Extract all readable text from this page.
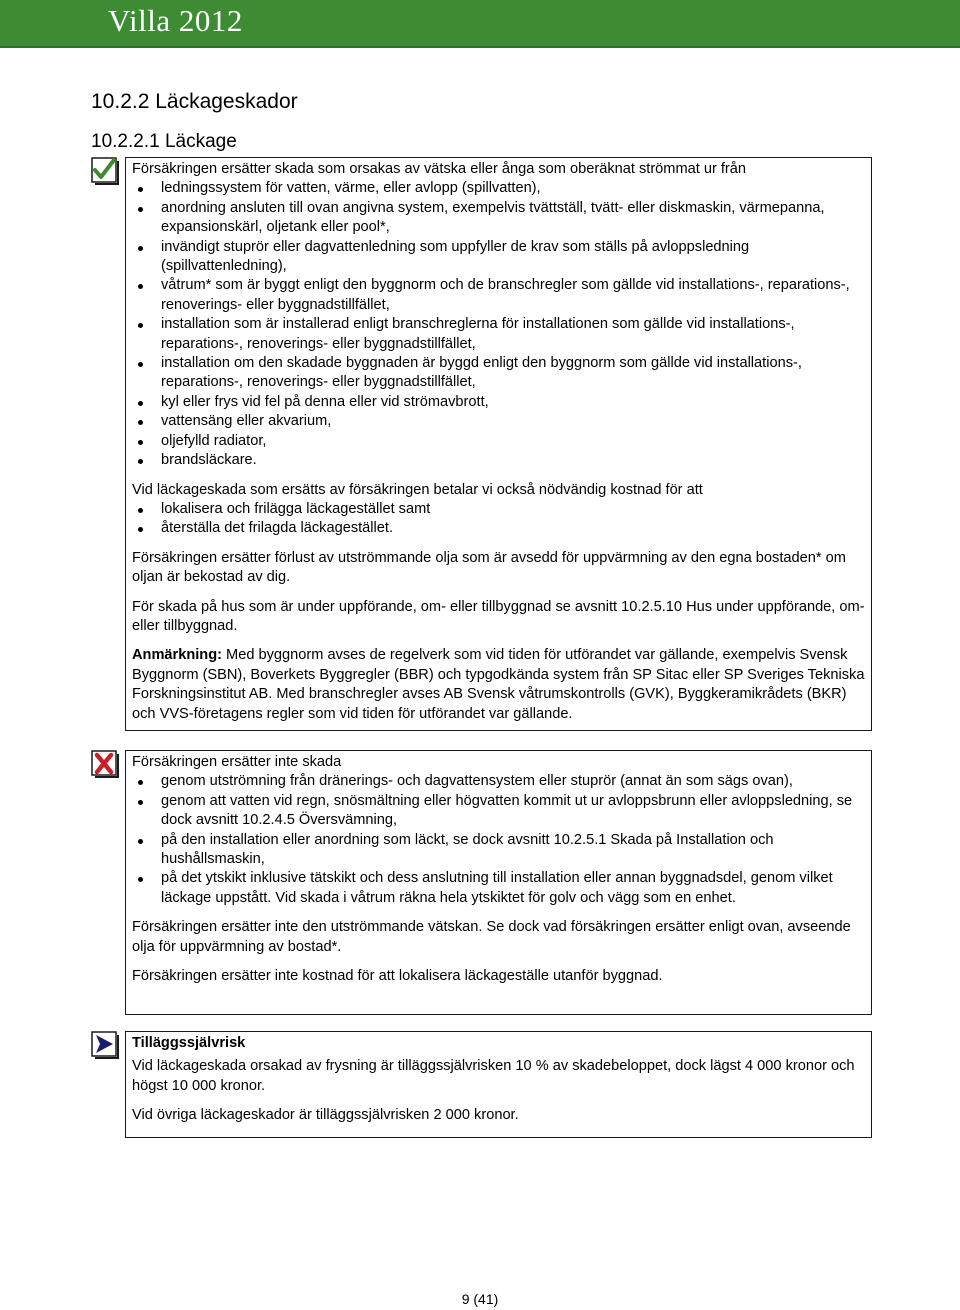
Villa 2012
10.2.2 Läckageskador
10.2.2.1 Läckage

Försäkringen ersätter skada som orsakas av vätska eller ånga som oberäknat strömmat ur från

ledningssystem för vatten, värme, eller avlopp (spillvatten),
anordning ansluten till ovan angivna system, exempelvis tvättställ, tvätt- eller diskmaskin, värmepanna, expansionskärl, oljetank eller pool*,
invändigt stuprör eller dagvattenledning som uppfyller de krav som ställs på avloppsledning (spillvattenledning),
våtrum* som är byggt enligt den byggnorm och de branschregler som gällde vid installations-, reparations-, renoverings- eller byggnadstillfället,
installation som är installerad enligt branschreglerna för installationen som gällde vid installations-, reparations-, renoverings- eller byggnadstillfället,
installation om den skadade byggnaden är byggd enligt den byggnorm som gällde vid installations-, reparations-, renoverings- eller byggnadstillfället,
kyl eller frys vid fel på denna eller vid strömavbrott,
vattensäng eller akvarium,
oljefylld radiator,
brandsläckare.

Vid läckageskada som ersätts av försäkringen betalar vi också nödvändig kostnad för att

lokalisera och frilägga läckagestället samt
återställa det frilagda läckagestället.

Försäkringen ersätter förlust av utströmmande olja som är avsedd för uppvärmning av den egna bostaden* om oljan är bekostad av dig.

För skada på hus som är under uppförande, om- eller tillbyggnad se avsnitt 10.2.5.10 Hus under uppförande, om- eller tillbyggnad.

Anmärkning: Med byggnorm avses de regelverk som vid tiden för utförandet var gällande, exempelvis Svensk Byggnorm (SBN), Boverkets Byggregler (BBR) och typgodkända system från SP Sitac eller SP Sveriges Tekniska Forskningsinstitut AB. Med branschregler avses AB Svensk våtrumskontrolls (GVK), Byggkeramikrådets (BKR) och VVS-företagens regler som vid tiden för utförandet var gällande.

Försäkringen ersätter inte skada

genom utströmning från dränerings- och dagvattensystem eller stuprör (annat än som sägs ovan),
genom att vatten vid regn, snösmältning eller högvatten kommit ut ur avloppsbrunn eller avloppsledning, se dock avsnitt 10.2.4.5 Översvämning,
på den installation eller anordning som läckt, se dock avsnitt 10.2.5.1 Skada på Installation och hushållsmaskin,
på det ytskikt inklusive tätskikt och dess anslutning till installation eller annan byggnadsdel, genom vilket läckage uppstått. Vid skada i våtrum räkna hela ytskiktet för golv och vägg som en enhet.

Försäkringen ersätter inte den utströmmande vätskan. Se dock vad försäkringen ersätter enligt ovan, avseende olja för uppvärmning av bostad*.

Försäkringen ersätter inte kostnad för att lokalisera läckageställe utanför byggnad.

Tilläggssjälvrisk

Vid läckageskada orsakad av frysning är tilläggssjälvrisken 10 % av skadebeloppet, dock lägst 4 000 kronor och högst 10 000 kronor.

Vid övriga läckageskador är tilläggssjälvrisken 2 000 kronor.

9 (41)
